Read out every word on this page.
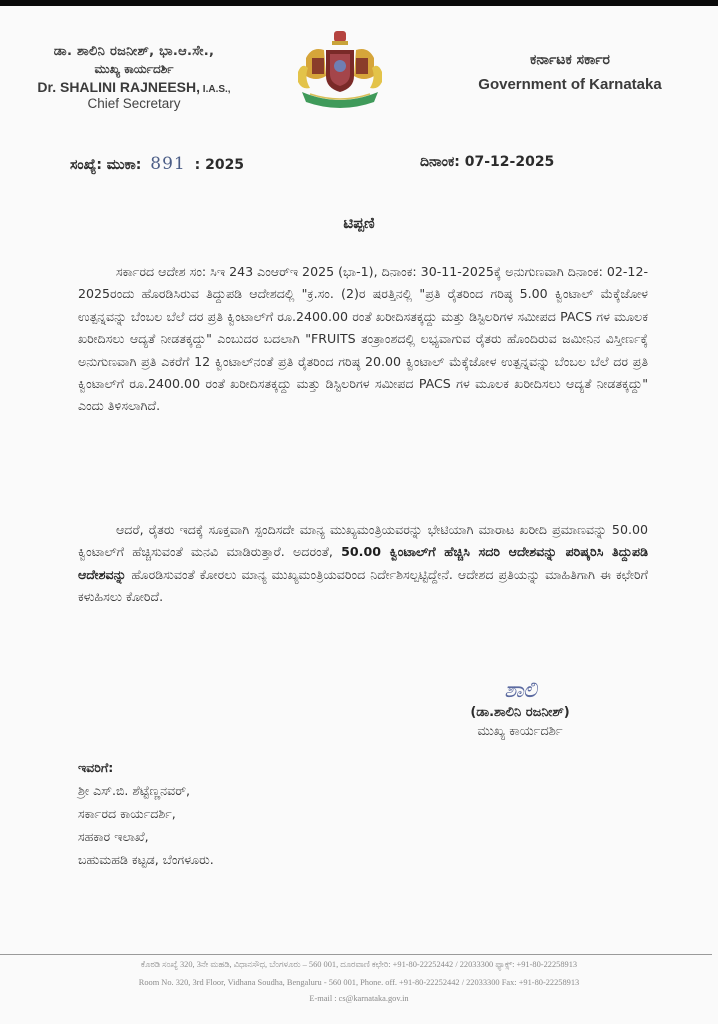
ಡಾ. ಶಾಲಿನಿ ರಜನೀಶ್, ಭಾ.ಆ.ಸೇ.,
ಮುಖ್ಯ ಕಾರ್ಯದರ್ಶಿ
Dr. SHALINI RAJNEESH, I.A.S.,
Chief Secretary
ಕರ್ನಾಟಕ ಸರ್ಕಾರ
Government of Karnataka
ಸಂಖ್ಯೆ: ಮುಕಾ: 891 : 2025	ದಿನಾಂಕ: 07-12-2025
ಟಿಪ್ಪಣಿ

ಸರ್ಕಾರದ ಆದೇಶ ಸಂ: ಸಿಇ 243 ಎಂಆರ್‌ಇ 2025 (ಭಾ-1), ದಿನಾಂಕ: 30-11-2025ಕ್ಕೆ ಅನುಗುಣವಾಗಿ ದಿನಾಂಕ: 02-12-2025ರಂದು ಹೊರಡಿಸಿರುವ ತಿದ್ದುಪಡಿ ಆದೇಶದಲ್ಲಿ "ಕ್ರ.ಸಂ. (2)ರ ಷರತ್ತಿನಲ್ಲಿ "ಪ್ರತಿ ರೈತರಿಂದ ಗರಿಷ್ಠ 5.00 ಕ್ವಿಂಟಾಲ್ ಮೆಕ್ಕೆಜೋಳ ಉತ್ಪನ್ನವನ್ನು ಬೆಂಬಲ ಬೆಲೆ ದರ ಪ್ರತಿ ಕ್ವಿಂಟಾಲ್‌ಗೆ ರೂ.2400.00 ರಂತೆ ಖರೀದಿಸತಕ್ಕದ್ದು ಮತ್ತು ಡಿಸ್ಟಿಲರಿಗಳ ಸಮೀಪದ PACS ಗಳ ಮೂಲಕ ಖರೀದಿಸಲು ಆದ್ಯತೆ ನೀಡತಕ್ಕದ್ದು" ಎಂಬುದರ ಬದಲಾಗಿ "FRUITS ತಂತ್ರಾಂಶದಲ್ಲಿ ಲಭ್ಯವಾಗುವ ರೈತರು ಹೊಂದಿರುವ ಜಮೀನಿನ ವಿಸ್ತೀರ್ಣಕ್ಕೆ ಅನುಗುಣವಾಗಿ ಪ್ರತಿ ಎಕರೆಗೆ 12 ಕ್ವಿಂಟಾಲ್‌ನಂತೆ ಪ್ರತಿ ರೈತರಿಂದ ಗರಿಷ್ಠ 20.00 ಕ್ವಿಂಟಾಲ್ ಮೆಕ್ಕೆಜೋಳ ಉತ್ಪನ್ನವನ್ನು ಬೆಂಬಲ ಬೆಲೆ ದರ ಪ್ರತಿ ಕ್ವಿಂಟಾಲ್‌ಗೆ ರೂ.2400.00 ರಂತೆ ಖರೀದಿಸತಕ್ಕದ್ದು ಮತ್ತು ಡಿಸ್ಟಿಲರಿಗಳ ಸಮೀಪದ PACS ಗಳ ಮೂಲಕ ಖರೀದಿಸಲು ಆದ್ಯತೆ ನೀಡತಕ್ಕದ್ದು" ಎಂದು ತಿಳಿಸಲಾಗಿದೆ.

ಆದರೆ, ರೈತರು ಇದಕ್ಕೆ ಸೂಕ್ತವಾಗಿ ಸ್ಪಂದಿಸದೇ ಮಾನ್ಯ ಮುಖ್ಯಮಂತ್ರಿಯವರನ್ನು ಭೇಟಿಯಾಗಿ ಮಾರಾಟ ಖರೀದಿ ಪ್ರಮಾಣವನ್ನು 50.00 ಕ್ವಿಂಟಾಲ್‌ಗೆ ಹೆಚ್ಚಿಸುವಂತೆ ಮನವಿ ಮಾಡಿರುತ್ತಾರೆ. ಅದರಂತೆ, 50.00 ಕ್ವಿಂಟಾಲ್‌ಗೆ ಹೆಚ್ಚಿಸಿ ಸದರಿ ಆದೇಶವನ್ನು ಪರಿಷ್ಕರಿಸಿ ತಿದ್ದುಪಡಿ ಆದೇಶವನ್ನು ಹೊರಡಿಸುವಂತೆ ಕೋರಲು ಮಾನ್ಯ ಮುಖ್ಯಮಂತ್ರಿಯವರಿಂದ ನಿರ್ದೇಶಿಸಲ್ಪಟ್ಟಿದ್ದೇನೆ. ಆದೇಶದ ಪ್ರತಿಯನ್ನು ಮಾಹಿತಿಗಾಗಿ ಈ ಕಛೇರಿಗೆ ಕಳುಹಿಸಲು ಕೋರಿದೆ.

ಶಾಲಿ
(ಡಾ.ಶಾಲಿನಿ ರಜನೀಶ್)
ಮುಖ್ಯ ಕಾರ್ಯದರ್ಶಿ
ಇವರಿಗೆ:
ಶ್ರೀ ಎಸ್.ಬಿ. ಶೆಟ್ಟೆಣ್ಣನವರ್,
ಸರ್ಕಾರದ ಕಾರ್ಯದರ್ಶಿ,
ಸಹಕಾರ ಇಲಾಖೆ,
ಬಹುಮಹಡಿ ಕಟ್ಟಡ, ಬೆಂಗಳೂರು.
ಕೊಠಡಿ ಸಂಖ್ಯೆ 320, 3ನೇ ಮಹಡಿ, ವಿಧಾನಸೌಧ, ಬೆಂಗಳೂರು – 560 001, ದೂರವಾಣಿ ಕಛೇರಿ: +91-80-22252442 / 22033300 ಫ್ಯಾಕ್ಸ್: +91-80-22258913
Room No. 320, 3rd Floor, Vidhana Soudha, Bengaluru - 560 001, Phone. off. +91-80-22252442 / 22033300 Fax: +91-80-22258913
E-mail : cs@karnataka.gov.in
